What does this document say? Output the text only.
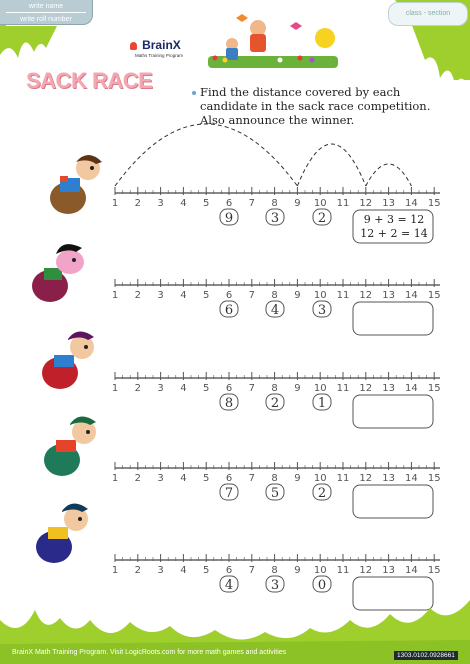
write name
write roll number
class - section
BrainX
Maths Training Program
SACK RACE	Find the distance covered by each candidate in the sack race competition. Also announce the winner.
1 2 3 4 5 6 7 8 9 10 11 12 13 14 15
9	3	2	9 + 3 = 12
12 + 2 = 14
1 2 3 4 5 6 7 8 9 10 11 12 13 14 15
6	4	3
1 2 3 4 5 6 7 8 9 10 11 12 13 14 15
8	2	1
1 2 3 4 5 6 7 8 9 10 11 12 13 14 15
7	5	2
1 2 3 4 5 6 7 8 9 10 11 12 13 14 15
4	3	0
BrainX Math Training Program. Visit LogicRoots.com for more math games and activities	1303.0102.0928661
